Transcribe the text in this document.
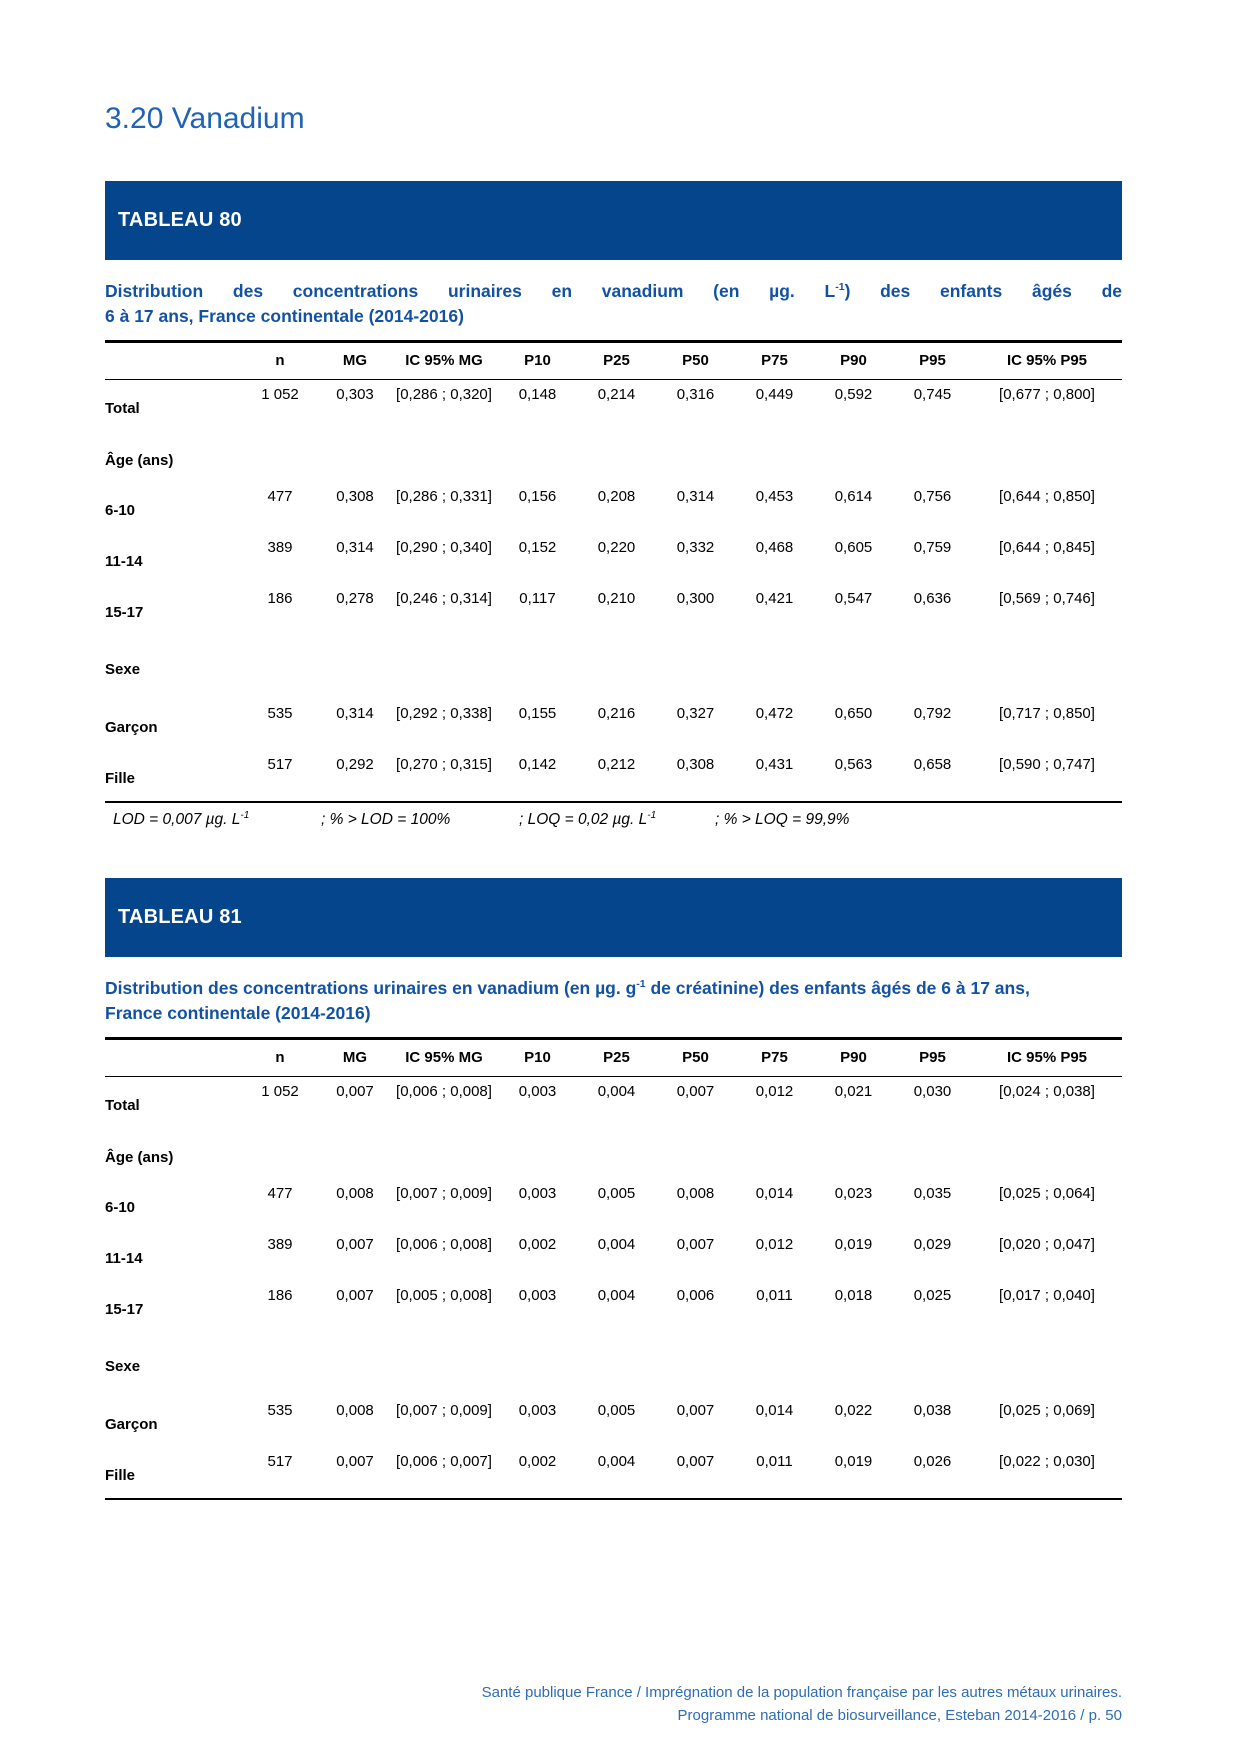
3.20 Vanadium
TABLEAU 80

Distribution des concentrations urinaires en vanadium (en µg. $L^{-1}$) des enfants âgés de
6 à 17 ans, France continentale (2014-2016)

	n	MG	IC 95% MG	P10	P25	P50	P75	P90	P95	IC 95% P95
Total	1 052	0,303	[0,286 ; 0,320]	0,148	0,214	0,316	0,449	0,592	0,745	[0,677 ; 0,800]
Âge (ans)										
6-10	477	0,308	[0,286 ; 0,331]	0,156	0,208	0,314	0,453	0,614	0,756	[0,644 ; 0,850]
11-14	389	0,314	[0,290 ; 0,340]	0,152	0,220	0,332	0,468	0,605	0,759	[0,644 ; 0,845]
15-17	186	0,278	[0,246 ; 0,314]	0,117	0,210	0,300	0,421	0,547	0,636	[0,569 ; 0,746]
Sexe										
Garçon	535	0,314	[0,292 ; 0,338]	0,155	0,216	0,327	0,472	0,650	0,792	[0,717 ; 0,850]
Fille	517	0,292	[0,270 ; 0,315]	0,142	0,212	0,308	0,431	0,563	0,658	[0,590 ; 0,747]
LOD = 0,007 µg. $L^{-1}$	; % > LOD = 100%	; LOQ = 0,02 µg. $L^{-1}$	; % > LOQ = 99,9%
TABLEAU 81

Distribution des concentrations urinaires en vanadium (en µg. $g^{-1}$ de créatinine) des enfants âgés de 6 à 17 ans,
France continentale (2014-2016)

	n	MG	IC 95% MG	P10	P25	P50	P75	P90	P95	IC 95% P95
Total	1 052	0,007	[0,006 ; 0,008]	0,003	0,004	0,007	0,012	0,021	0,030	[0,024 ; 0,038]
Âge (ans)										
6-10	477	0,008	[0,007 ; 0,009]	0,003	0,005	0,008	0,014	0,023	0,035	[0,025 ; 0,064]
11-14	389	0,007	[0,006 ; 0,008]	0,002	0,004	0,007	0,012	0,019	0,029	[0,020 ; 0,047]
15-17	186	0,007	[0,005 ; 0,008]	0,003	0,004	0,006	0,011	0,018	0,025	[0,017 ; 0,040]
Sexe										
Garçon	535	0,008	[0,007 ; 0,009]	0,003	0,005	0,007	0,014	0,022	0,038	[0,025 ; 0,069]
Fille	517	0,007	[0,006 ; 0,007]	0,002	0,004	0,007	0,011	0,019	0,026	[0,022 ; 0,030]
Santé publique France / Imprégnation de la population française par les autres métaux urinaires.
Programme national de biosurveillance, Esteban 2014-2016 / p. 50
